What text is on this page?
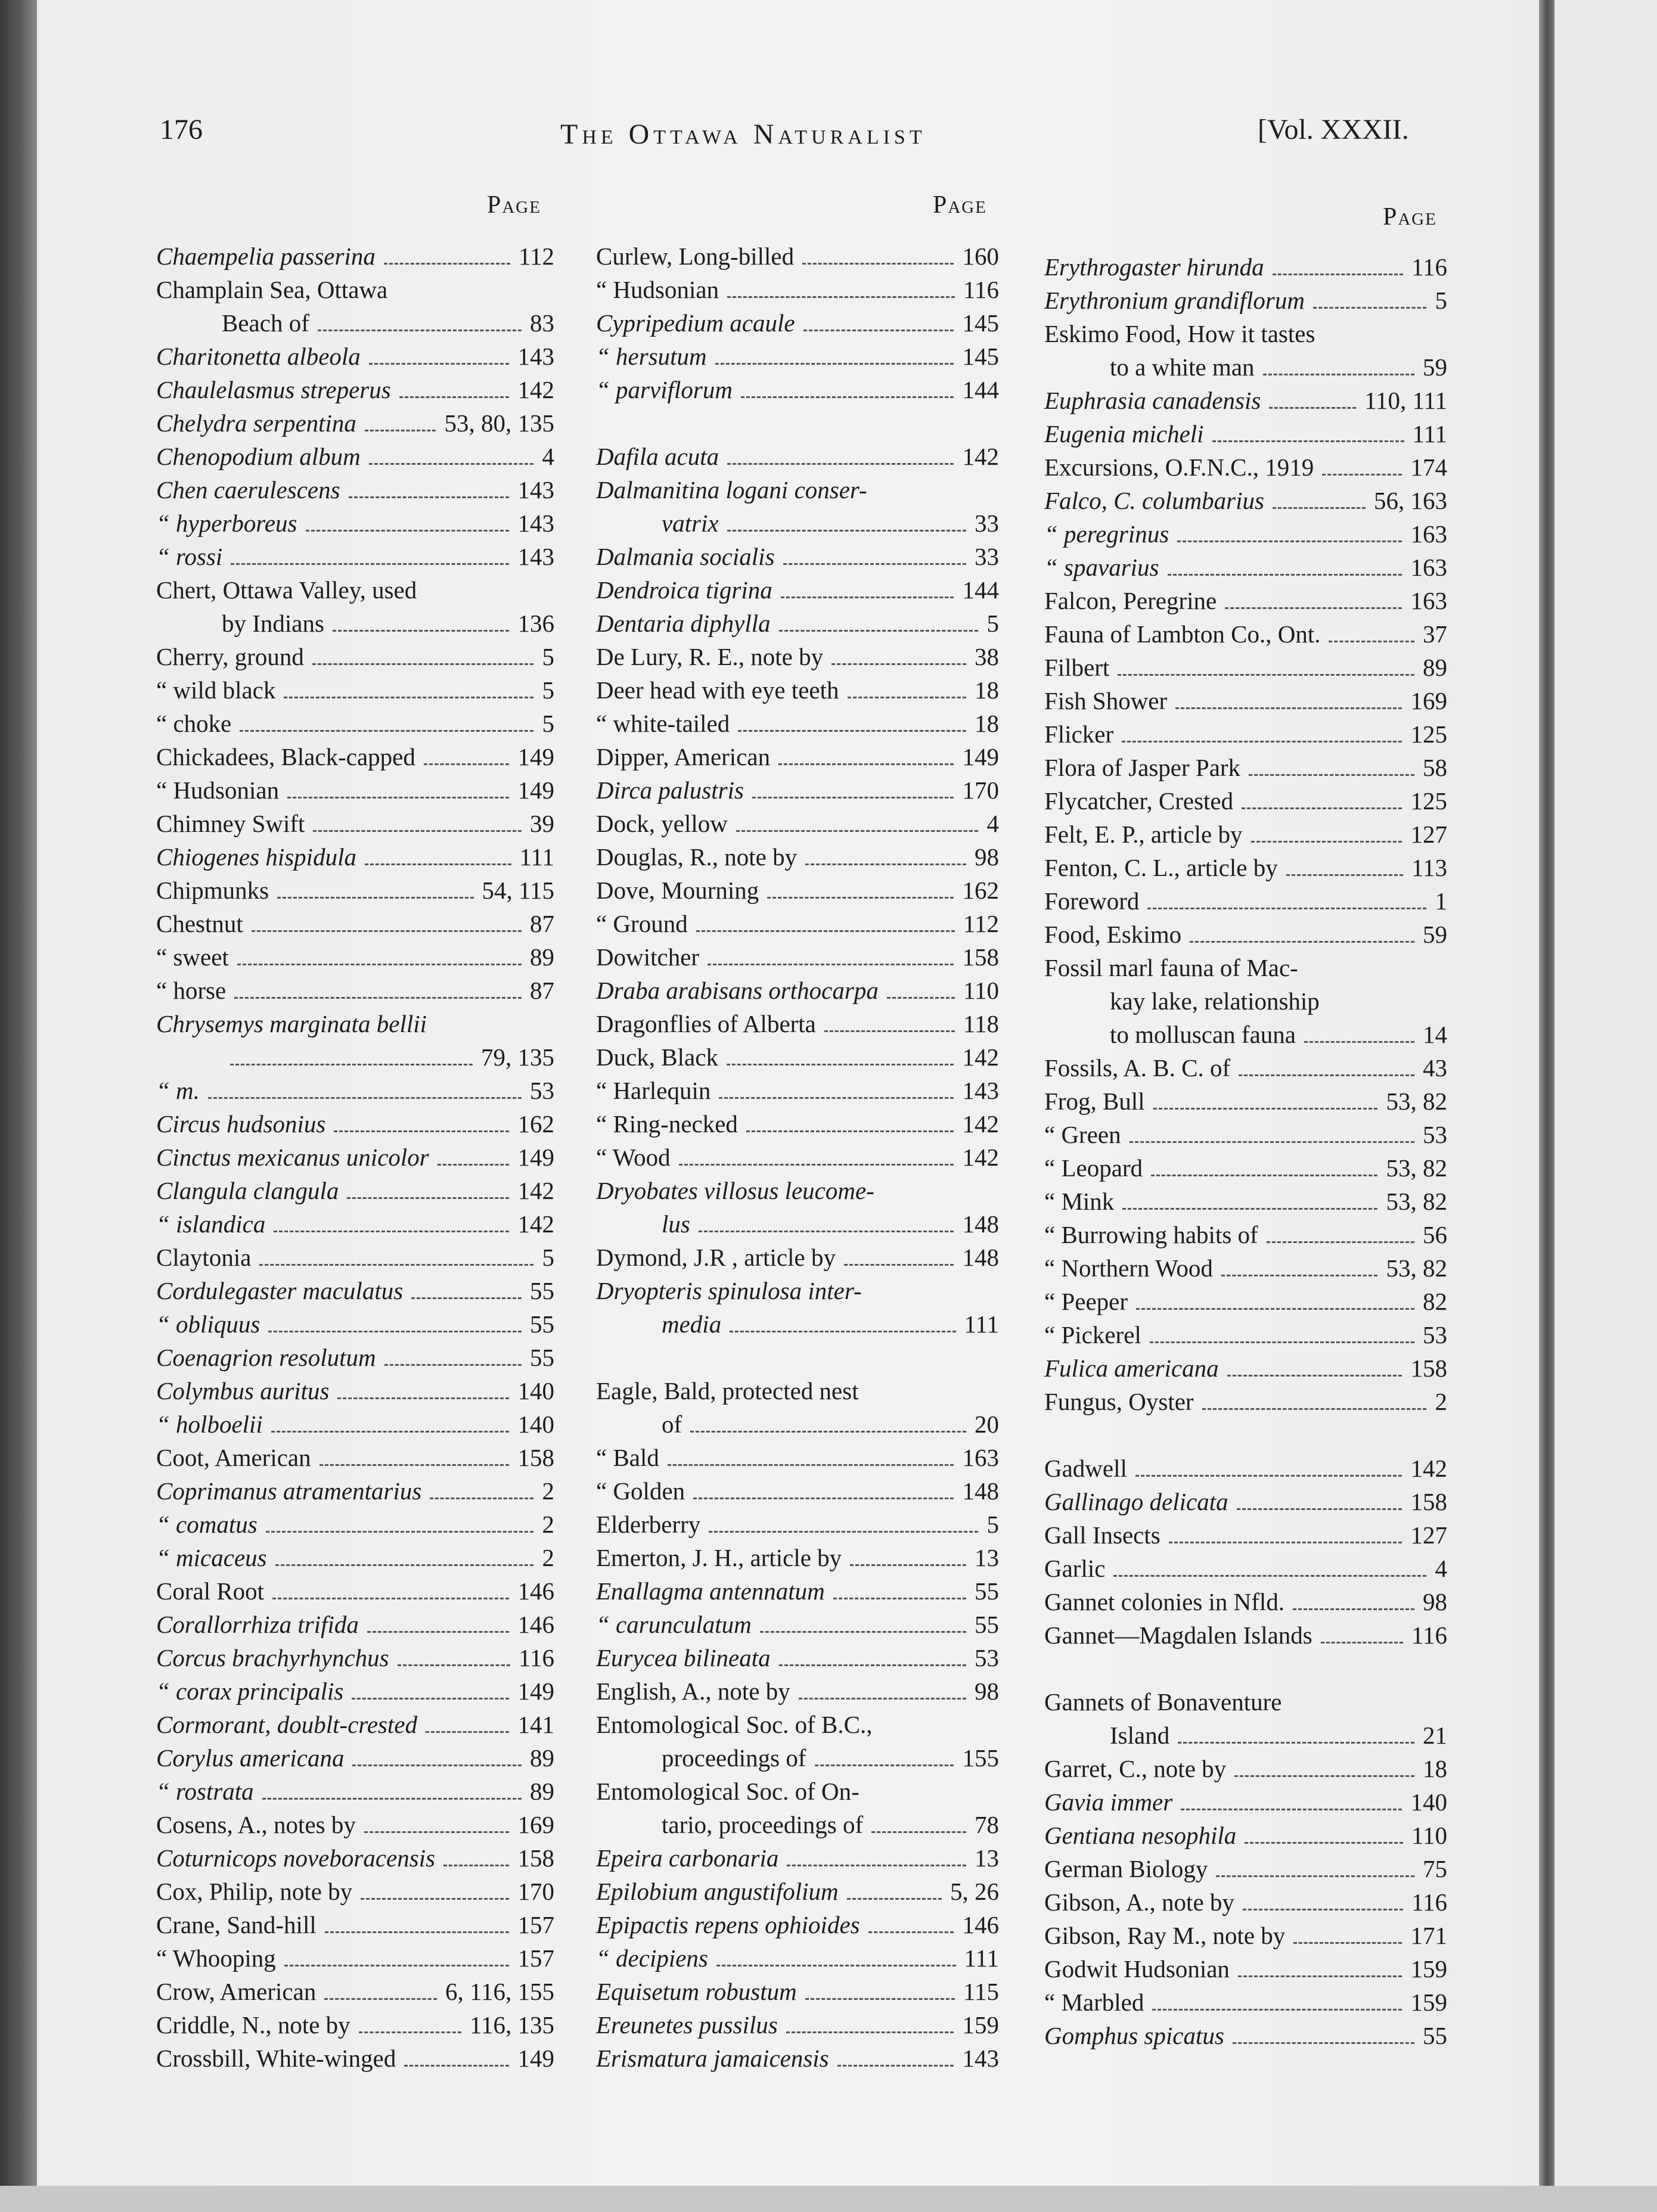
176	The Ottawa Naturalist	[Vol. XXXII.
Page
Chaempelia passerina	112
Champlain Sea, Ottawa
Beach of	83
Charitonetta albeola	143
Chaulelasmus streperus	142
Chelydra serpentina	53, 80, 135
Chenopodium album	4
Chen caerulescens	143
“ hyperboreus	143
“ rossi	143
Chert, Ottawa Valley, used
by Indians	136
Cherry, ground	5
“ wild black	5
“ choke	5
Chickadees, Black-capped	149
“ Hudsonian	149
Chimney Swift	39
Chiogenes hispidula	111
Chipmunks	54, 115
Chestnut	87
“ sweet	89
“ horse	87
Chrysemys marginata bellii
79, 135
“ m.	53
Circus hudsonius	162
Cinctus mexicanus unicolor	149
Clangula clangula	142
“ islandica	142
Claytonia	5
Cordulegaster maculatus	55
“ obliquus	55
Coenagrion resolutum	55
Colymbus auritus	140
“ holboelii	140
Coot, American	158
Coprimanus atramentarius	2
“ comatus	2
“ micaceus	2
Coral Root	146
Corallorrhiza trifida	146
Corcus brachyrhynchus	116
“ corax principalis	149
Cormorant, doublt-crested	141
Corylus americana	89
“ rostrata	89
Cosens, A., notes by	169
Coturnicops noveboracensis	158
Cox, Philip, note by	170
Crane, Sand-hill	157
“ Whooping	157
Crow, American	6, 116, 155
Criddle, N., note by	116, 135
Crossbill, White-winged	149
Page
Curlew, Long-billed	160
“ Hudsonian	116
Cypripedium acaule	145
“ hersutum	145
“ parviflorum	144
Dafila acuta	142
Dalmanitina logani conser-
vatrix	33
Dalmania socialis	33
Dendroica tigrina	144
Dentaria diphylla	5
De Lury, R. E., note by	38
Deer head with eye teeth	18
“ white-tailed	18
Dipper, American	149
Dirca palustris	170
Dock, yellow	4
Douglas, R., note by	98
Dove, Mourning	162
“ Ground	112
Dowitcher	158
Draba arabisans orthocarpa	110
Dragonflies of Alberta	118
Duck, Black	142
“ Harlequin	143
“ Ring-necked	142
“ Wood	142
Dryobates villosus leucome-
lus	148
Dymond, J.R , article by	148
Dryopteris spinulosa inter-
media	111
Eagle, Bald, protected nest
of	20
“ Bald	163
“ Golden	148
Elderberry	5
Emerton, J. H., article by	13
Enallagma antennatum	55
“ carunculatum	55
Eurycea bilineata	53
English, A., note by	98
Entomological Soc. of B.C.,
proceedings of	155
Entomological Soc. of On-
tario, proceedings of	78
Epeira carbonaria	13
Epilobium angustifolium	5, 26
Epipactis repens ophioides	146
“ decipiens	111
Equisetum robustum	115
Ereunetes pussilus	159
Erismatura jamaicensis	143
Page
Erythrogaster hirunda	116
Erythronium grandiflorum	5
Eskimo Food, How it tastes
to a white man	59
Euphrasia canadensis	110, 111
Eugenia micheli	111
Excursions, O.F.N.C., 1919	174
Falco, C. columbarius	56, 163
“ peregrinus	163
“ spavarius	163
Falcon, Peregrine	163
Fauna of Lambton Co., Ont.	37
Filbert	89
Fish Shower	169
Flicker	125
Flora of Jasper Park	58
Flycatcher, Crested	125
Felt, E. P., article by	127
Fenton, C. L., article by	113
Foreword	1
Food, Eskimo	59
Fossil marl fauna of Mac-
kay lake, relationship
to molluscan fauna	14
Fossils, A. B. C. of	43
Frog, Bull	53, 82
“ Green	53
“ Leopard	53, 82
“ Mink	53, 82
“ Burrowing habits of	56
“ Northern Wood	53, 82
“ Peeper	82
“ Pickerel	53
Fulica americana	158
Fungus, Oyster	2
Gadwell	142
Gallinago delicata	158
Gall Insects	127
Garlic	4
Gannet colonies in Nfld.	98
Gannet—Magdalen Islands	116
Gannets of Bonaventure
Island	21
Garret, C., note by	18
Gavia immer	140
Gentiana nesophila	110
German Biology	75
Gibson, A., note by	116
Gibson, Ray M., note by	171
Godwit Hudsonian	159
“ Marbled	159
Gomphus spicatus	55
